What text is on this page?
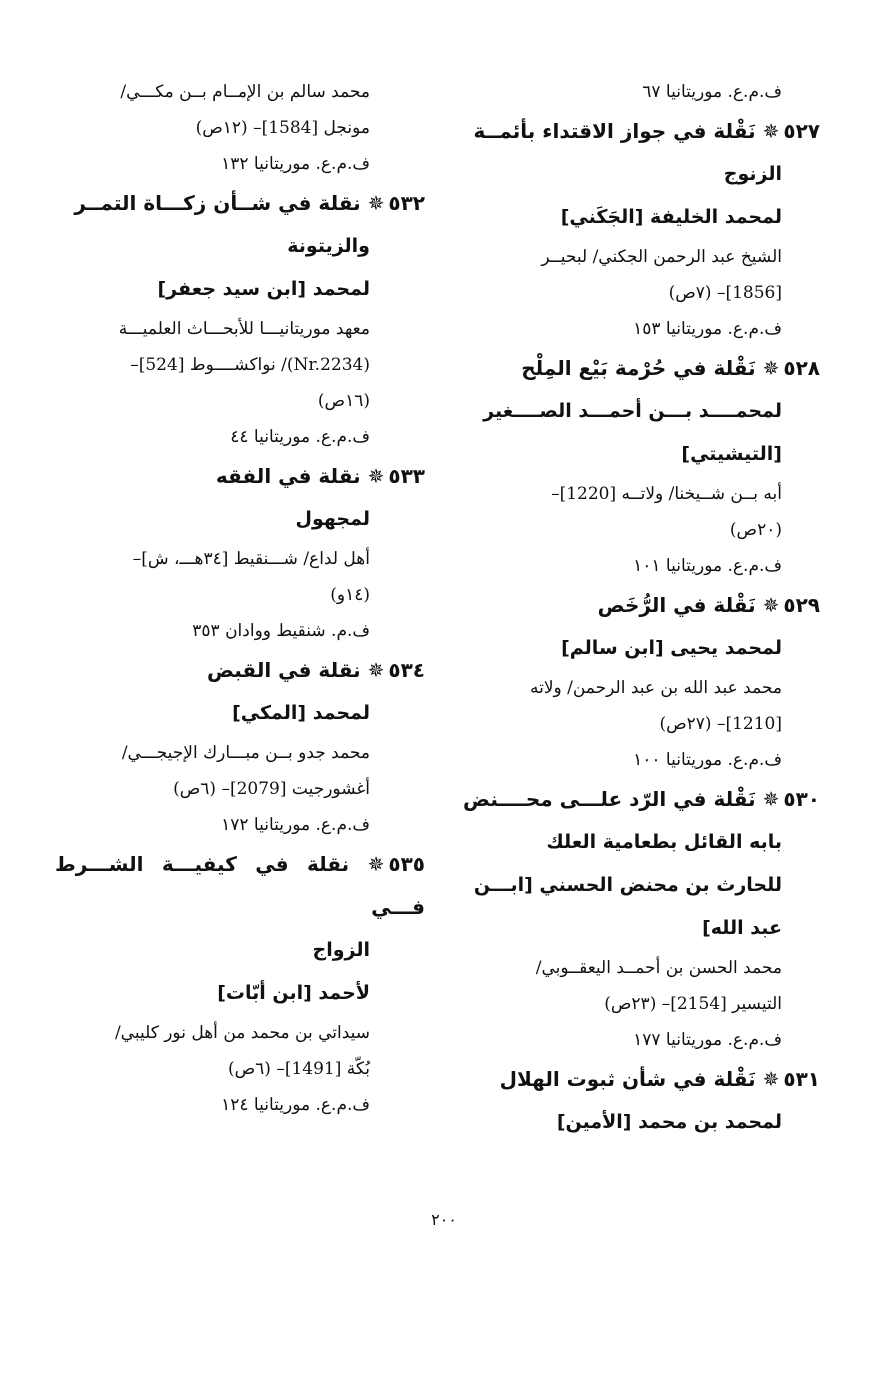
ف.م.ع. موريتانيا ٦٧

٥٢٧✵ نَقْلة في جواز الاقتداء بأئمــة

الزنوج

لمحمد الخليفة [الجَكَني]

الشيخ عبد الرحمن الجكني/ لبحيــر

[1856]– (٧ص)

ف.م.ع. موريتانيا ١٥٣

٥٢٨✵ نَقْلة في حُرْمة بَيْع المِلْح

لمحمــــد بـــن أحمـــد الصــــغير

[التيشيتي]

أبه بــن شــيخنا/ ولاتــه [1220]–

(٢٠ص)

ف.م.ع. موريتانيا ١٠١

٥٢٩✵ نَقْلة في الرُّخَص

لمحمد يحيى [ابن سالم]

محمد عبد الله بن عبد الرحمن/ ولاته

[1210]– (٢٧ص)

ف.م.ع. موريتانيا ١٠٠

٥٣٠✵ نَقْلة في الرّد علـــى محــــنض

بابه القائل بطعامية العلك

للحارث بن محنض الحسني [ابـــن

عبد الله]

محمد الحسن بن أحمــد اليعقــوبي/

التيسير [2154]– (٢٣ص)

ف.م.ع. موريتانيا ١٧٧

٥٣١✵ نَقْلة في شأن ثبوت الهلال

لمحمد بن محمد [الأمين]

محمد سالم بن الإمــام بــن مكـــي/

مونجل [1584]– (١٢ص)

ف.م.ع. موريتانيا ١٣٢

٥٣٢✵ نقلة في شــأن زكـــاة التمــر

والزيتونة

لمحمد [ابن سيد جعفر]

معهد موريتانيـــا للأبحـــاث العلميـــة

(Nr.2234)/ نواكشــــوط [524]–

(١٦ص)

ف.م.ع. موريتانيا ٤٤

٥٣٣✵ نقلة في الفقه

لمجهول

أهل لداع/ شـــنقيط [٣٤هـــ، ش]–

(١٤و)

ف.م. شنقيط ووادان ٣٥٣

٥٣٤✵ نقلة في القبض

لمحمد [المكي]

محمد جدو بــن مبـــارك الإجيجـــي/

أغشورجيت [2079]– (٦ص)

ف.م.ع. موريتانيا ١٧٢

٥٣٥✵ نقلة في كيفيـــة الشـــرط فـــي

الزواج

لأحمد [ابن أبّات]

سيداتي بن محمد من أهل نور كليبي/

بُكّة [1491]– (٦ص)

ف.م.ع. موريتانيا ١٢٤

٢٠٠
